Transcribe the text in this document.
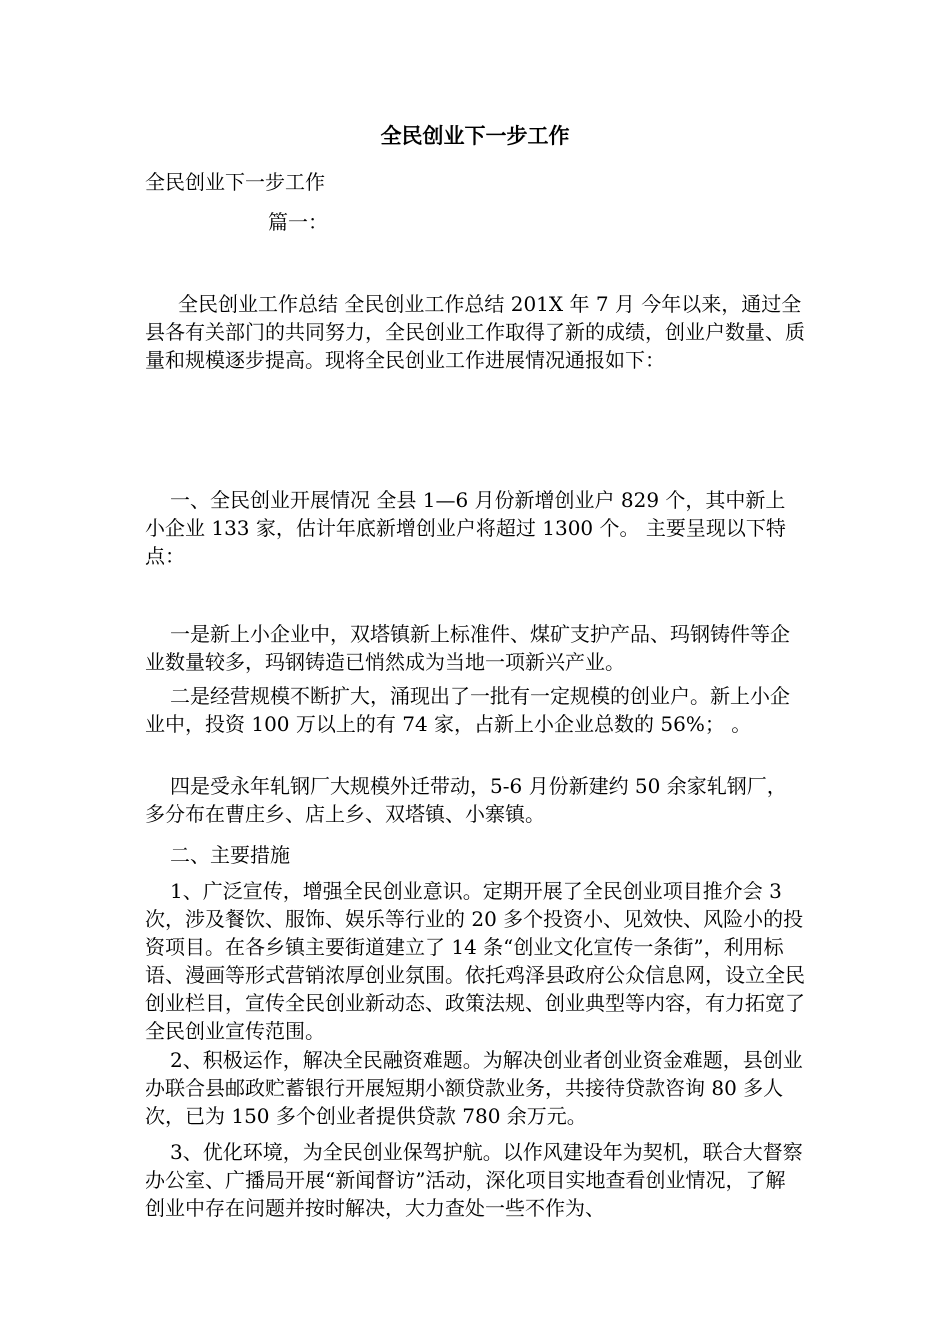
全民创业下一步工作

全民创业下一步工作

篇一：

全民创业工作总结 全民创业工作总结 201X 年 7 月 今年以来，通过全县各有关部门的共同努力，全民创业工作取得了新的成绩，创业户数量、质量和规模逐步提高。现将全民创业工作进展情况通报如下：

一、全民创业开展情况 全县 1—6 月份新增创业户 829 个，其中新上小企业 133 家，估计年底新增创业户将超过 1300 个。 主要呈现以下特点：

一是新上小企业中，双塔镇新上标准件、煤矿支护产品、玛钢铸件等企业数量较多，玛钢铸造已悄然成为当地一项新兴产业。

二是经营规模不断扩大，涌现出了一批有一定规模的创业户。新上小企业中，投资 100 万以上的有 74 家，占新上小企业总数的 56%； 。

四是受永年轧钢厂大规模外迁带动，5-6 月份新建约 50 余家轧钢厂，多分布在曹庄乡、店上乡、双塔镇、小寨镇。

二、主要措施

1、广泛宣传，增强全民创业意识。定期开展了全民创业项目推介会 3 次，涉及餐饮、服饰、娱乐等行业的 20 多个投资小、见效快、风险小的投资项目。在各乡镇主要街道建立了 14 条“创业文化宣传一条街”，利用标语、漫画等形式营销浓厚创业氛围。依托鸡泽县政府公众信息网，设立全民创业栏目，宣传全民创业新动态、政策法规、创业典型等内容，有力拓宽了全民创业宣传范围。

2、积极运作，解决全民融资难题。为解决创业者创业资金难题，县创业办联合县邮政贮蓄银行开展短期小额贷款业务，共接待贷款咨询 80 多人次，已为 150 多个创业者提供贷款 780 余万元。

3、优化环境，为全民创业保驾护航。以作风建设年为契机，联合大督察办公室、广播局开展“新闻督访”活动，深化项目实地查看创业情况，了解创业中存在问题并按时解决，大力查处一些不作为、
